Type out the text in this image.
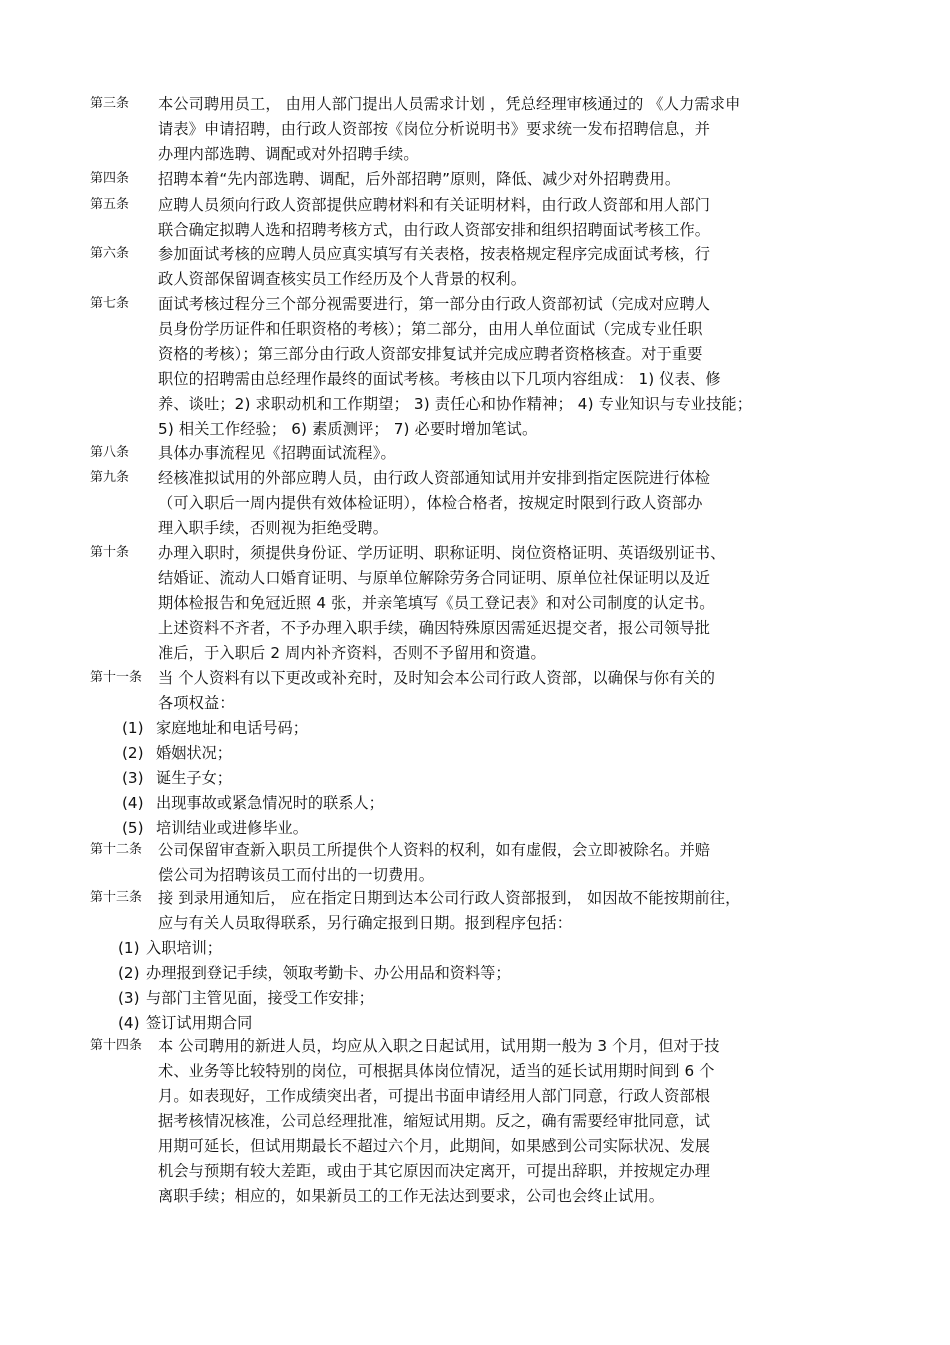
第三条 本公司聘用员工， 由用人部门提出人员需求计划 ，凭总经理审核通过的 《人力需求申
请表》申请招聘，由行政人资部按《岗位分析说明书》要求统一发布招聘信息，并
办理内部选聘、调配或对外招聘手续。
第四条 招聘本着“先内部选聘、调配，后外部招聘”原则，降低、减少对外招聘费用。
第五条 应聘人员须向行政人资部提供应聘材料和有关证明材料，由行政人资部和用人部门
联合确定拟聘人选和招聘考核方式，由行政人资部安排和组织招聘面试考核工作。
第六条 参加面试考核的应聘人员应真实填写有关表格，按表格规定程序完成面试考核，行
政人资部保留调查核实员工作经历及个人背景的权利。
第七条 面试考核过程分三个部分视需要进行，第一部分由行政人资部初试（完成对应聘人
员身份学历证件和任职资格的考核）；第二部分，由用人单位面试（完成专业任职
资格的考核）；第三部分由行政人资部安排复试并完成应聘者资格核查。对于重要
职位的招聘需由总经理作最终的面试考核。考核由以下几项内容组成： 1) 仪表、修
养、谈吐；2) 求职动机和工作期望； 3) 责任心和协作精神； 4) 专业知识与专业技能；
5) 相关工作经验； 6) 素质测评； 7) 必要时增加笔试。
第八条 具体办事流程见《招聘面试流程》。
第九条 经核准拟试用的外部应聘人员，由行政人资部通知试用并安排到指定医院进行体检
（可入职后一周内提供有效体检证明），体检合格者，按规定时限到行政人资部办
理入职手续，否则视为拒绝受聘。
第十条 办理入职时，须提供身份证、学历证明、职称证明、岗位资格证明、英语级别证书、
结婚证、流动人口婚育证明、与原单位解除劳务合同证明、原单位社保证明以及近
期体检报告和免冠近照 4 张，并亲笔填写《员工登记表》和对公司制度的认定书。
上述资料不齐者，不予办理入职手续，确因特殊原因需延迟提交者，报公司领导批
准后，于入职后 2 周内补齐资料，否则不予留用和资遣。
第十一条 当 个人资料有以下更改或补充时，及时知会本公司行政人资部，以确保与你有关的
各项权益：
(1) 家庭地址和电话号码；
(2) 婚姻状况；
(3) 诞生子女；
(4) 出现事故或紧急情况时的联系人；
(5) 培训结业或进修毕业。
第十二条 公司保留审查新入职员工所提供个人资料的权利，如有虚假，会立即被除名。并赔
偿公司为招聘该员工而付出的一切费用。
第十三条 接 到录用通知后， 应在指定日期到达本公司行政人资部报到， 如因故不能按期前往，
应与有关人员取得联系，另行确定报到日期。报到程序包括：
(1) 入职培训；
(2) 办理报到登记手续，领取考勤卡、办公用品和资料等；
(3) 与部门主管见面，接受工作安排；
(4) 签订试用期合同
第十四条 本 公司聘用的新进人员，均应从入职之日起试用，试用期一般为 3 个月，但对于技
术、业务等比较特别的岗位，可根据具体岗位情况，适当的延长试用期时间到 6 个
月。如表现好，工作成绩突出者，可提出书面申请经用人部门同意，行政人资部根
据考核情况核准，公司总经理批准，缩短试用期。反之，确有需要经审批同意，试
用期可延长，但试用期最长不超过六个月，此期间，如果感到公司实际状况、发展
机会与预期有较大差距，或由于其它原因而决定离开，可提出辞职，并按规定办理
离职手续；相应的，如果新员工的工作无法达到要求，公司也会终止试用。
